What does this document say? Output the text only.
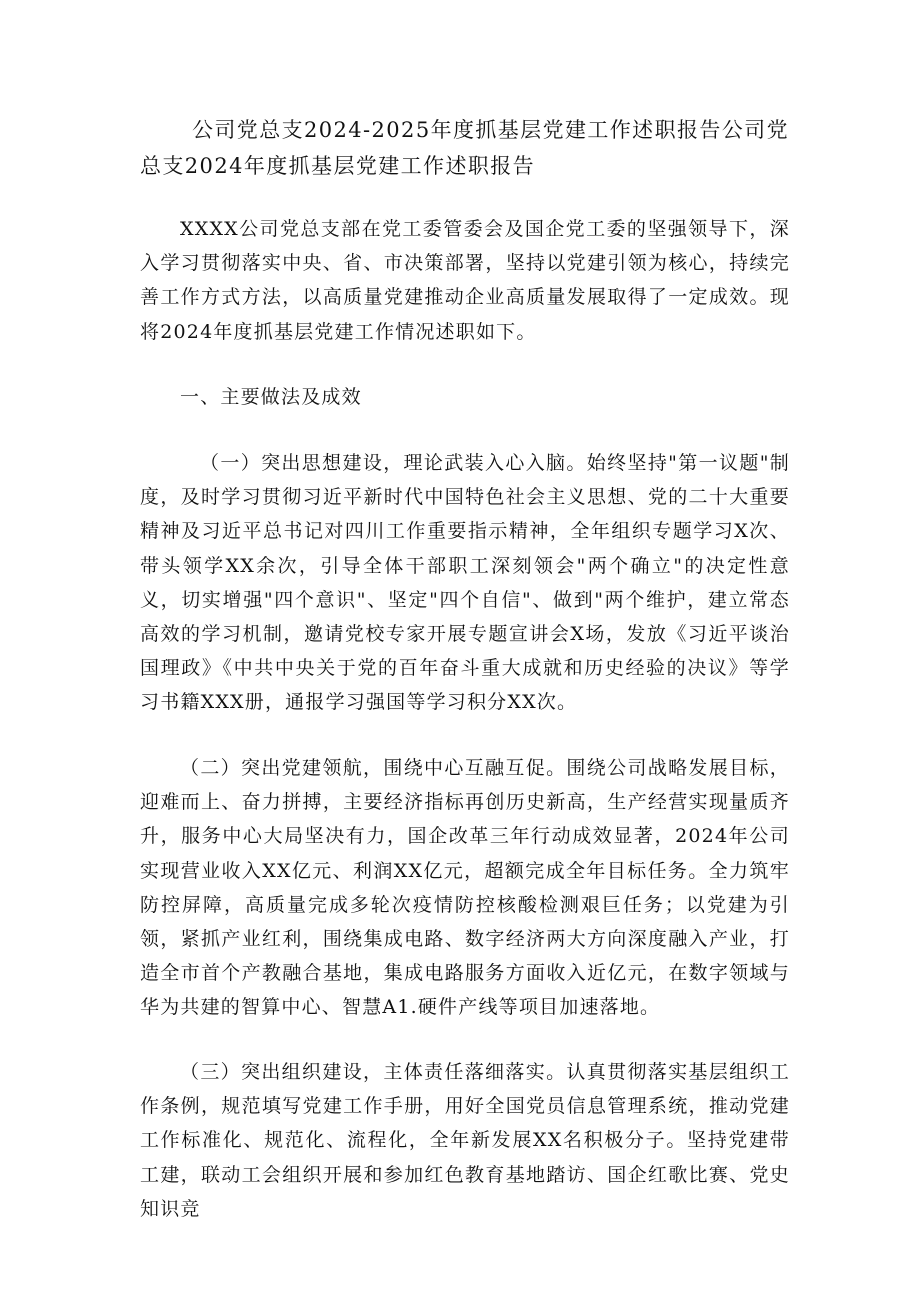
公司党总支2024-2025年度抓基层党建工作述职报告公司党总支2024年度抓基层党建工作述职报告

XXXX公司党总支部在党工委管委会及国企党工委的坚强领导下，深入学习贯彻落实中央、省、市决策部署，坚持以党建引领为核心，持续完善工作方式方法，以高质量党建推动企业高质量发展取得了一定成效。现将2024年度抓基层党建工作情况述职如下。

一、主要做法及成效

（一）突出思想建设，理论武装入心入脑。始终坚持"第一议题"制度，及时学习贯彻习近平新时代中国特色社会主义思想、党的二十大重要精神及习近平总书记对四川工作重要指示精神，全年组织专题学习X次、带头领学XX余次，引导全体干部职工深刻领会"两个确立"的决定性意义，切实增强"四个意识"、坚定"四个自信"、做到"两个维护，建立常态高效的学习机制，邀请党校专家开展专题宣讲会X场，发放《习近平谈治国理政》《中共中央关于党的百年奋斗重大成就和历史经验的决议》等学习书籍XXX册，通报学习强国等学习积分XX次。

（二）突出党建领航，围绕中心互融互促。围绕公司战略发展目标，迎难而上、奋力拼搏，主要经济指标再创历史新高，生产经营实现量质齐升，服务中心大局坚决有力，国企改革三年行动成效显著，2024年公司实现营业收入XX亿元、利润XX亿元，超额完成全年目标任务。全力筑牢防控屏障，高质量完成多轮次疫情防控核酸检测艰巨任务；以党建为引领，紧抓产业红利，围绕集成电路、数字经济两大方向深度融入产业，打造全市首个产教融合基地，集成电路服务方面收入近亿元，在数字领域与华为共建的智算中心、智慧A1.硬件产线等项目加速落地。

（三）突出组织建设，主体责任落细落实。认真贯彻落实基层组织工作条例，规范填写党建工作手册，用好全国党员信息管理系统，推动党建工作标准化、规范化、流程化，全年新发展XX名积极分子。坚持党建带工建，联动工会组织开展和参加红色教育基地踏访、国企红歌比赛、党史知识竞
